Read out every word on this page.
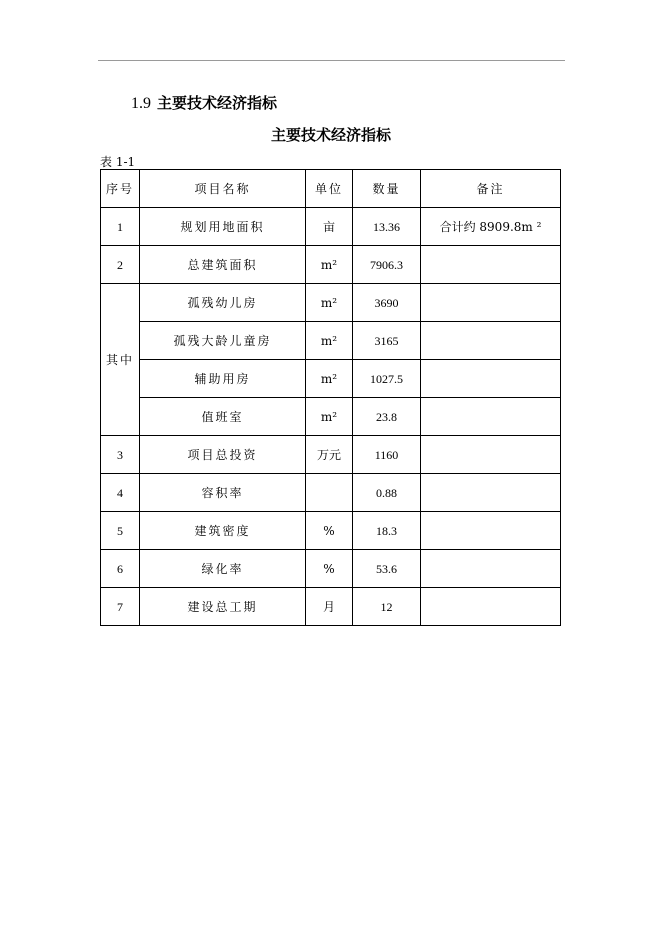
1.9 主要技术经济指标
主要技术经济指标
表 1-1
序号	项目名称	单位	数量	备注
1	规划用地面积	亩	13.36	合计约 8909.8m ²
2	总建筑面积	m²	7906.3	
其中	孤残幼儿房	m²	3690	
	孤残大龄儿童房	m²	3165	
	辅助用房	m²	1027.5	
	值班室	m²	23.8	
3	项目总投资	万元	1160	
4	容积率		0.88	
5	建筑密度	%	18.3	
6	绿化率	%	53.6	
7	建设总工期	月	12	
